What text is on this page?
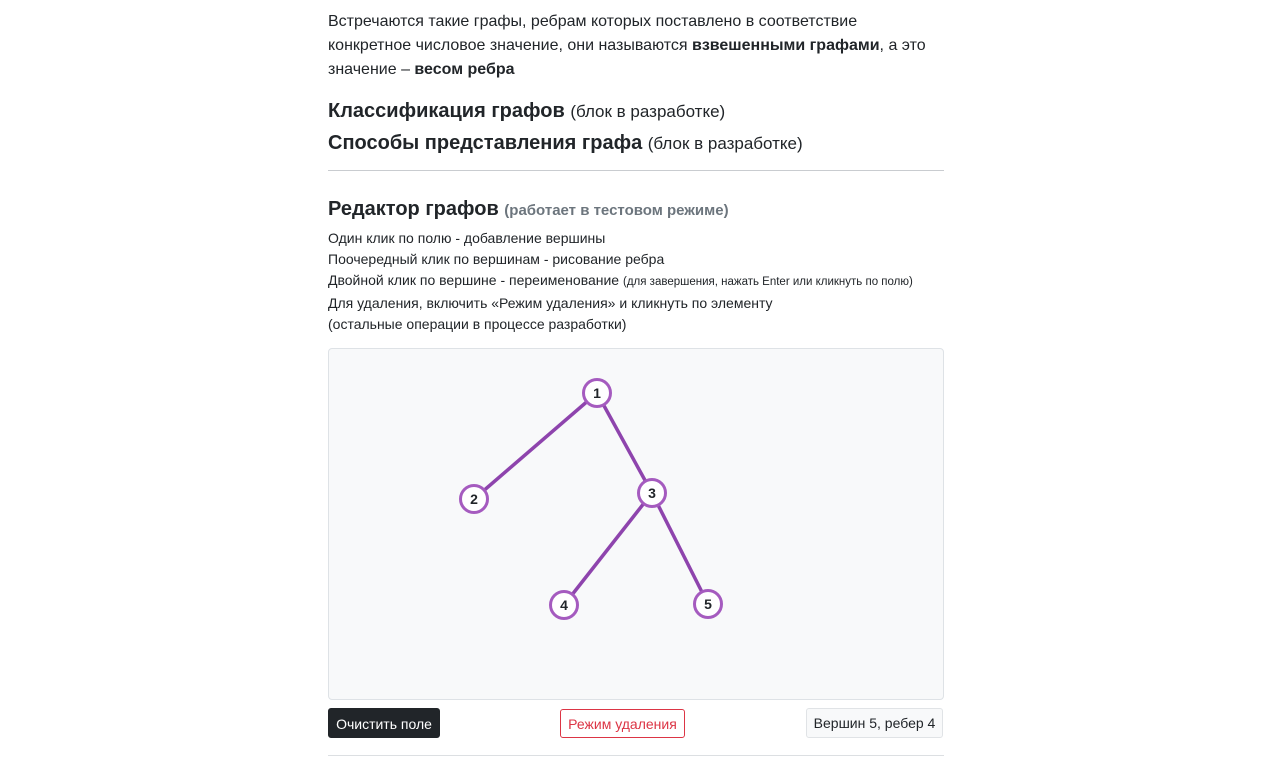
Встречаются такие графы, ребрам которых поставлено в соответствие конкретное числовое значение, они называются взвешенными графами, а это значение – весом ребра

Классификация графов (блок в разработке)
Способы представления графа (блок в разработке)
Редактор графов (работает в тестовом режиме)
Один клик по полю - добавление вершины
Поочередный клик по вершинам - рисование ребра
Двойной клик по вершине - переименование (для завершения, нажать Enter или кликнуть по полю)
Для удаления, включить «Режим удаления» и кликнуть по элементу
(остальные операции в процессе разработки)
1
2	3
4	5
Очистить поле	Режим удаления	Вершин 5, ребер 4
